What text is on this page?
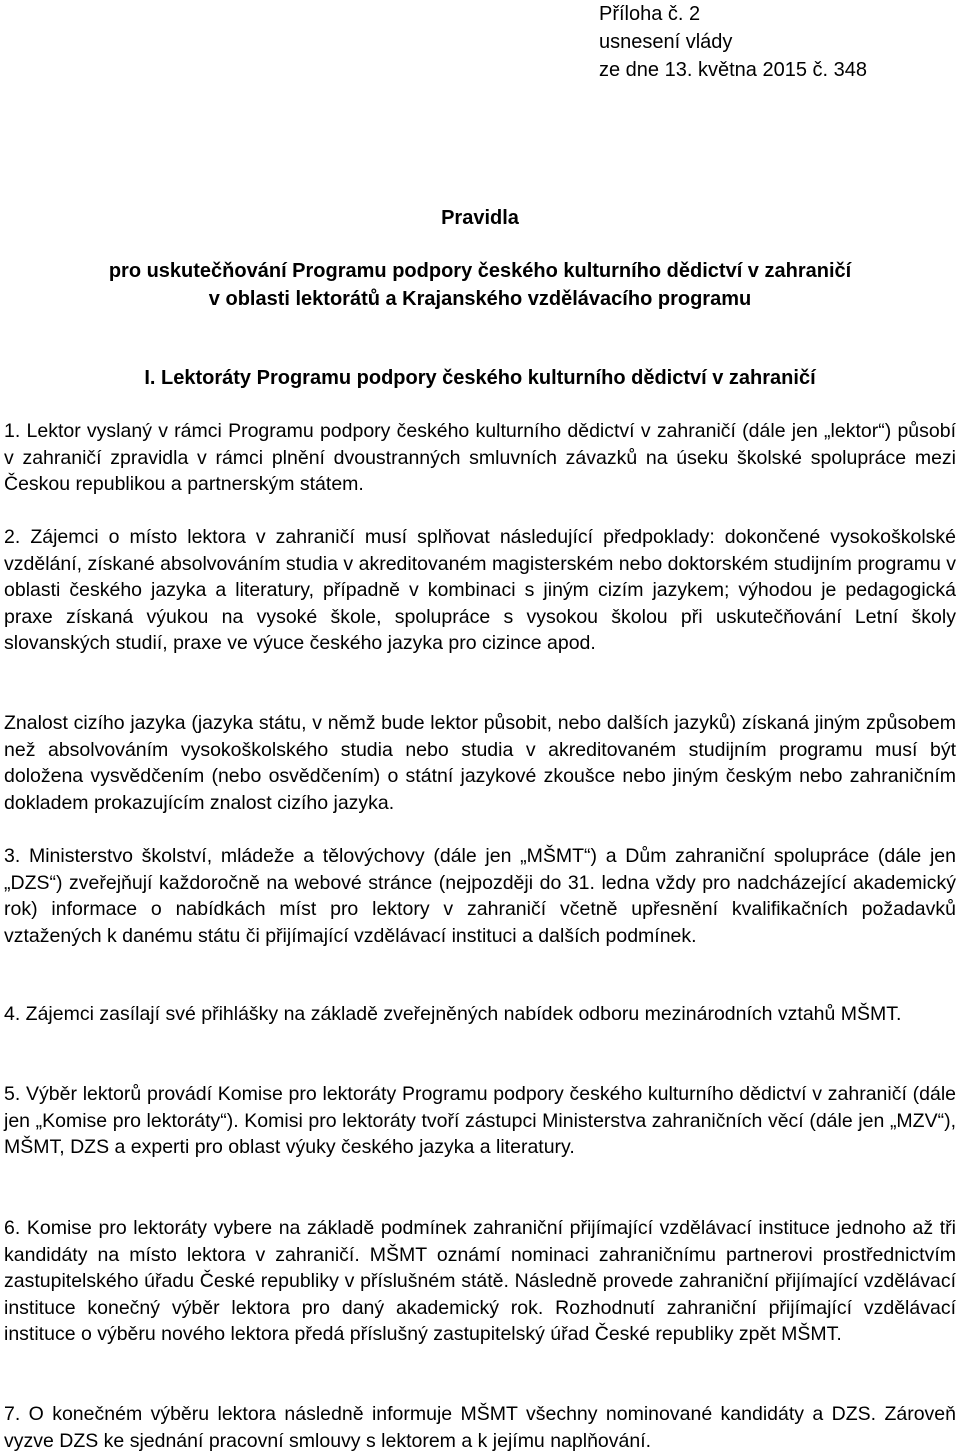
Příloha č. 2
usnesení vlády
ze dne 13. května 2015 č. 348
Pravidla
pro uskutečňování Programu podpory českého kulturního dědictví v zahraničí
v oblasti lektorátů a Krajanského vzdělávacího programu
I. Lektoráty Programu podpory českého kulturního dědictví v zahraničí
1. Lektor vyslaný v rámci Programu podpory českého kulturního dědictví v zahraničí (dále jen „lektor“) působí v zahraničí zpravidla v rámci plnění dvoustranných smluvních závazků na úseku školské spolupráce mezi Českou republikou a partnerským státem.
2. Zájemci o místo lektora v zahraničí musí splňovat následující předpoklady: dokončené vysokoškolské vzdělání, získané absolvováním studia v akreditovaném magisterském nebo doktorském studijním programu v oblasti českého jazyka a literatury, případně v kombinaci s jiným cizím jazykem; výhodou je pedagogická praxe získaná výukou na vysoké škole, spolupráce s vysokou školou při uskutečňování Letní školy slovanských studií, praxe ve výuce českého jazyka pro cizince apod.
Znalost cizího jazyka (jazyka státu, v němž bude lektor působit, nebo dalších jazyků) získaná jiným způsobem než absolvováním vysokoškolského studia nebo studia v akreditovaném studijním programu musí být doložena vysvědčením (nebo osvědčením) o státní jazykové zkoušce nebo jiným českým nebo zahraničním dokladem prokazujícím znalost cizího jazyka.
3. Ministerstvo školství, mládeže a tělovýchovy (dále jen „MŠMT“) a Dům zahraniční spolupráce (dále jen „DZS“) zveřejňují každoročně na webové stránce (nejpozději do 31. ledna vždy pro nadcházející akademický rok) informace o nabídkách míst pro lektory v zahraničí včetně upřesnění kvalifikačních požadavků vztažených k danému státu či přijímající vzdělávací instituci a dalších podmínek.
4. Zájemci zasílají své přihlášky na základě zveřejněných nabídek odboru mezinárodních vztahů MŠMT.
5. Výběr lektorů provádí Komise pro lektoráty Programu podpory českého kulturního dědictví v zahraničí (dále jen „Komise pro lektoráty“). Komisi pro lektoráty tvoří zástupci Ministerstva zahraničních věcí (dále jen „MZV“), MŠMT, DZS a experti pro oblast výuky českého jazyka a literatury.
6. Komise pro lektoráty vybere na základě podmínek zahraniční přijímající vzdělávací instituce jednoho až tři kandidáty na místo lektora v zahraničí. MŠMT oznámí nominaci zahraničnímu partnerovi prostřednictvím zastupitelského úřadu České republiky v příslušném státě. Následně provede zahraniční přijímající vzdělávací instituce konečný výběr lektora pro daný akademický rok. Rozhodnutí zahraniční přijímající vzdělávací instituce o výběru nového lektora předá příslušný zastupitelský úřad České republiky zpět MŠMT.
7. O konečném výběru lektora následně informuje MŠMT všechny nominované kandidáty a DZS. Zároveň vyzve DZS ke sjednání pracovní smlouvy s lektorem a k jejímu naplňování.
